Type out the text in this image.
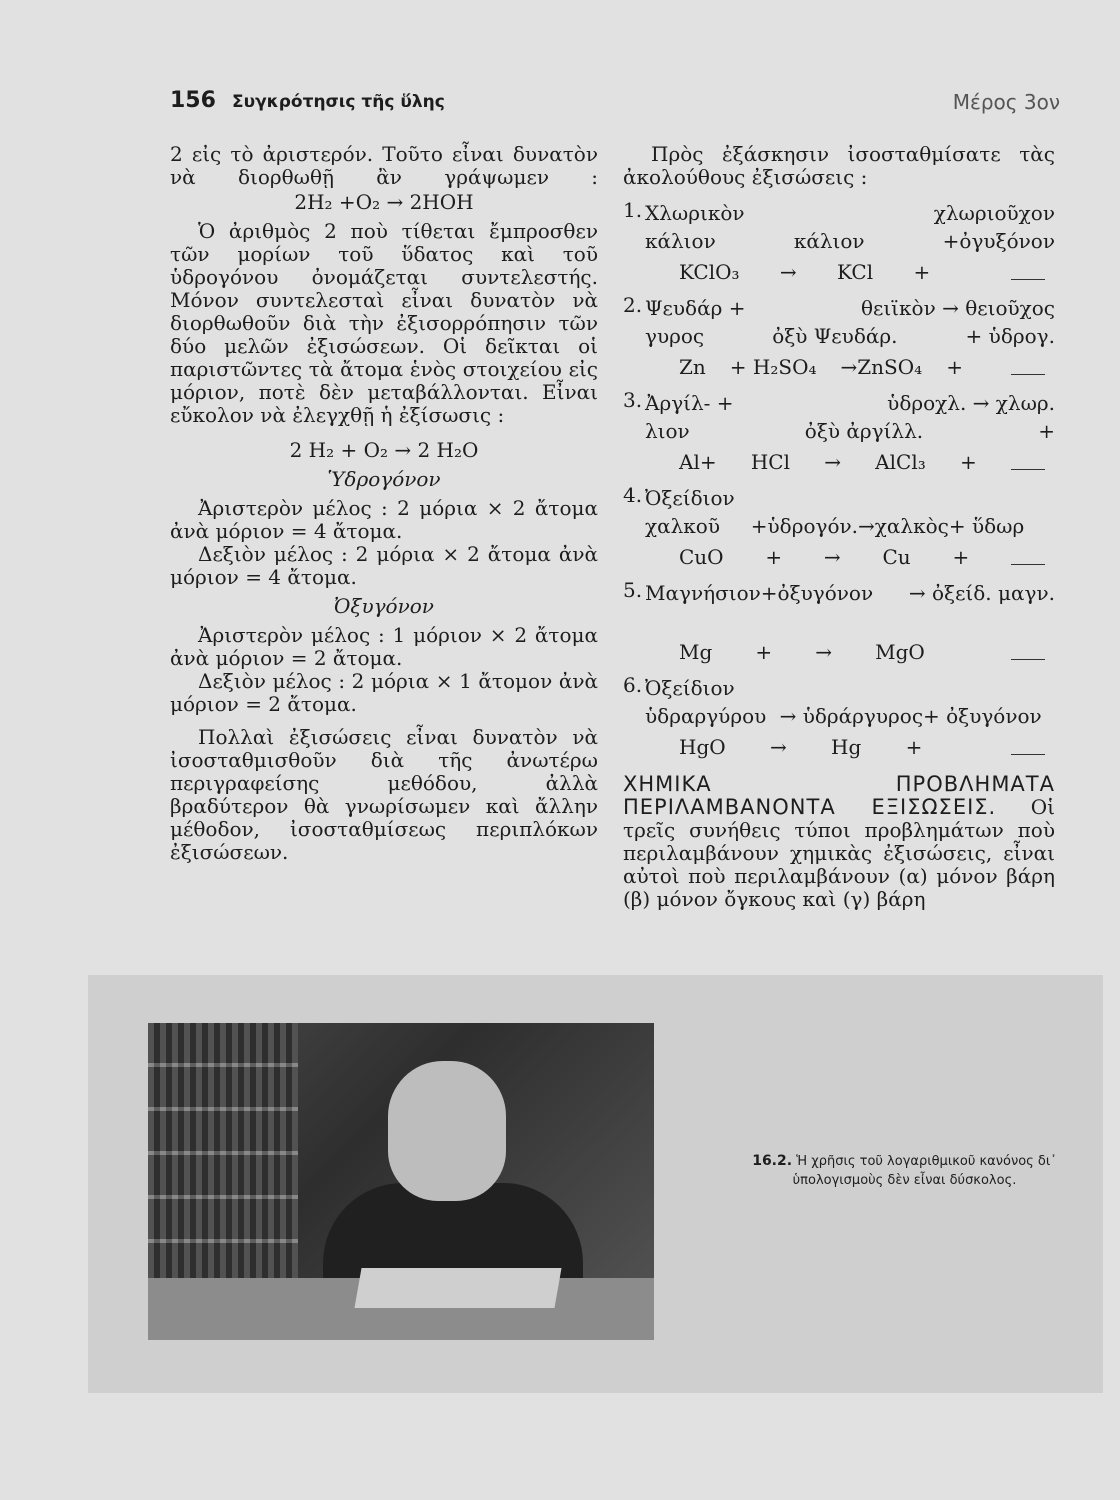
156 Συγκρότησις τῆς ὕλης	Μέρος 3ον

2 εἰς τὸ ἀριστερόν. Τοῦτο εἶναι δυνατὸν νὰ διορθωθῇ ἂν γράψωμεν :

2H₂ +O₂ → 2HOH

Ὁ ἀριθμὸς 2 ποὺ τίθεται ἔμπροσθεν τῶν μορίων τοῦ ὕδατος καὶ τοῦ ὑδρογόνου ὀνομάζεται συντελεστής. Μόνον συντελεσταὶ εἶναι δυνατὸν νὰ διορθωθοῦν διὰ τὴν ἐξισορρόπησιν τῶν δύο μελῶν ἐξισώσεων. Οἱ δεῖκται οἱ παριστῶντες τὰ ἄτομα ἑνὸς στοιχείου εἰς μόριον, ποτὲ δὲν μεταβάλλονται. Εἶναι εὔκολον νὰ ἐλεγχθῇ ἡ ἐξίσωσις :

2 H₂ + O₂ → 2 H₂O
Ὑδρογόνον

Ἀριστερὸν μέλος : 2 μόρια × 2 ἄτομα ἀνὰ μόριον = 4 ἄτομα.

Δεξιὸν μέλος : 2 μόρια × 2 ἄτομα ἀνὰ μόριον = 4 ἄτομα.

Ὀξυγόνον

Ἀριστερὸν μέλος : 1 μόριον × 2 ἄτομα ἀνὰ μόριον = 2 ἄτομα.

Δεξιὸν μέλος : 2 μόρια × 1 ἄτομον ἀνὰ μόριον = 2 ἄτομα.

Πολλαὶ ἐξισώσεις εἶναι δυνατὸν νὰ ἰσοσταθμισθοῦν διὰ τῆς ἀνωτέρω περιγραφείσης μεθόδου, ἀλλὰ βραδύτερον θὰ γνωρίσωμεν καὶ ἄλλην μέθοδον, ἰσοσταθμίσεως περιπλόκων ἐξισώσεων.

Πρὸς ἐξάσκησιν ἰσοσταθμίσατε τὰς ἀκολούθους ἐξισώσεις :

1. Χλωρικὸν	χλωριοῦχον
κάλιον	κάλιον	+ὀγυξόνον
KClO₃ → KCl +
2. Ψευδάρ +	θειϊκὸν → θειοῦχος
γυρος	ὀξὺ Ψευδάρ.	+ ὑδρογ.
Zn + H₂SO₄ →ZnSO₄ +
3. Ἀργίλ- +	ὑδροχλ. → χλωρ.
λιον	ὀξὺ ἀργίλλ.	+
Al+ HCl → AlCl₃ +
4. Ὀξείδιον
χαλκοῦ +ὑδρογόν.→χαλκὸς+ ὕδωρ
CuO + → Cu +
5. Μαγνήσιον+ὀξυγόνον → ὀξείδ. μαγν.
Mg + → MgO
6. Ὀξείδιον
ὑδραργύρου → ὑδράργυρος+ ὀξυγόνον
HgO → Hg +

ΧΗΜΙΚΑ ΠΡΟΒΛΗΜΑΤΑ ΠΕΡΙΛΑΜΒΑΝΟΝΤΑ ΕΞΙΣΩΣΕΙΣ. Οἱ τρεῖς συνήθεις τύποι προβλημάτων ποὺ περιλαμβάνουν χημικὰς ἐξισώσεις, εἶναι αὐτοὶ ποὺ περιλαμβάνουν (α) μόνον βάρη (β) μόνον ὄγκους καὶ (γ) βάρη

16.2. Ἡ χρῆσις τοῦ λογαριθμικοῦ κανόνος δι᾽ ὑπολογισμοὺς δὲν εἶναι δύσκολος.
